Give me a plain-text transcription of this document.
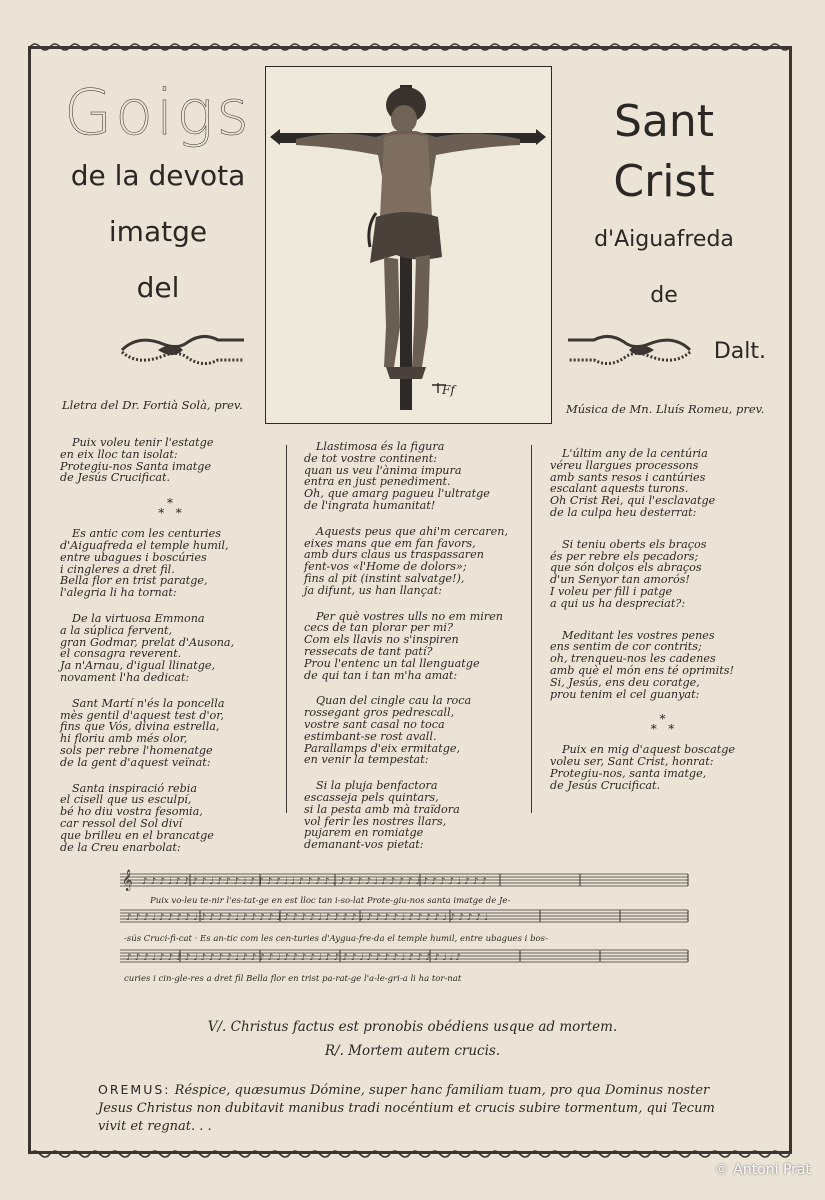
Goigs
de la devota
imatge
del
Sant Crist
d'Aiguafreda
de
Dalt.
Ff
Lletra del Dr. Fortià Solà, prev.	Música de Mn. Lluís Romeu, prev.

Puix voleu tenir l'estatge
en eix lloc tan isolat:
Protegiu-nos Santa imatge
de Jesús Crucificat.

*
*   *

Es antic com les centuries
d'Aiguafreda el temple humil,
entre ubagues i boscúries
i cingleres a dret fil.
Bella flor en trist paratge,
l'alegria li ha tornat:

De la virtuosa Emmona
a la súplica fervent,
gran Godmar, prelat d'Ausona,
el consagra reverent.
Ja n'Arnau, d'igual llinatge,
novament l'ha dedicat:

Sant Martí n'és la poncella
mès gentil d'aquest test d'or,
fins que Vós, divina estrella,
hi floriu amb més olor,
sols per rebre l'homenatge
de la gent d'aquest veïnat:

Santa inspiració rebia
el cisell que us esculpí,
bé ho diu vostra fesomia,
car ressol del Sol diví
que brilleu en el brancatge
de la Creu enarbolat:

Llastimosa és la figura
de tot vostre continent:
quan us veu l'ànima impura
entra en just penediment.
Oh, que amarg pagueu l'ultratge
de l'ingrata humanitat!

Aquests peus que ahi'm cercaren,
eixes mans que em fan favors,
amb durs claus us traspassaren
fent-vos «l'Home de dolors»;
fins al pit (instint salvatge!),
ja difunt, us han llançat:

Per què vostres ulls no em miren
cecs de tan plorar per mi?
Com els llavis no s'inspiren
ressecats de tant patí?
Prou l'entenc un tal llenguatge
de qui tan i tan m'ha amat:

Quan del cingle cau la roca
rossegant gros pedrescall,
vostre sant casal no toca
estimbant-se rost avall.
Parallamps d'eix ermitatge,
en venir la tempestat:

Si la pluja benfactora
escasseja pels quintars,
si la pesta amb mà traïdora
vol ferir les nostres llars,
pujarem en romiatge
demanant-vos pietat:

L'últim any de la centúria
véreu llargues processons
amb sants resos i cantúries
escalant aquests turons.
Oh Crist Rei, qui l'esclavatge
de la culpa heu desterrat:

Si teniu oberts els braços
és per rebre els pecadors;
que són dolços els abraços
d'un Senyor tan amorós!
I voleu per fill i patge
a qui us ha despreciat?:

Meditant les vostres penes
ens sentim de cor contrits;
oh, trenqueu-nos les cadenes
amb què el món ens té oprimits!
Si, Jesús, ens deu coratge,
prou tenim el cel guanyat:

*
*   *

Puix en mig d'aquest boscatge
voleu ser, Sant Crist, honrat:
Protegiu-nos, santa imatge,
de Jesús Crucificat.

𝄞 ♪ ♪ ♪ ♩ ♪ ♪ ♪ ♪ ♩ ♪ ♪ ♪ ♩ ♪ ♪ ♪ ♪ ♩ ♩ ♪ ♪ ♪ ♪ ♩ ♪ ♪ ♪ ♪ ♩ ♪ ♪ ♪ ♪ ♩ ♪ ♪ ♪ ♪ ♩ ♪ ♪ ♪
♪ ♪ ♪ ♩ ♪ ♪ ♪ ♪ ♩ ♪ ♪ ♪ ♪ ♩ ♪ ♪ ♪ ♪ ♩ ♪ ♪ ♪ ♪ ♩ ♪ ♪ ♪ ♪ ♩ ♪ ♪ ♪ ♪ ♩ ♪ ♪ ♪ ♪ ♩ ♪ ♪ ♪ ♪ ♩
♪ ♪ ♪ ♩ ♪ ♪ ♪ ♪ ♩ ♪ ♪ ♪ ♪ ♩ ♪ ♪ ♪ ♪ ♩ ♪ ♪ ♪ ♪ ♩ ♪ ♪ ♪ ♪ ♩ ♪ ♪ ♪ ♪ ♩ ♪ ♪ ♪ ♪ ♩ 𝅗𝅥 ♪
Puix vo-leu te-nir l'es-tat-ge en est lloc tan i-so-lat Prote-giu-nos santa imatge de Je-
-sús Cruci-fi-cat · Es an-tic com les cen-turies d'Aygua-fre-da el temple humil, entre ubagues i bos-
curies i cin-gle-res a dret fil Bella flor en trist pa-rat-ge l'a-le-gri-a li ha tor-nat
V/. Christus factus est pronobis obédiens usque ad mortem.
R/. Mortem autem crucis.
OREMUS: Réspice, quæsumus Dómine, super hanc familiam tuam, pro qua Dominus noster Jesus Christus non dubitavit manibus tradi nocéntium et crucis subire tormentum, qui Tecum vivit et regnat. . .
© Antoni Prat
